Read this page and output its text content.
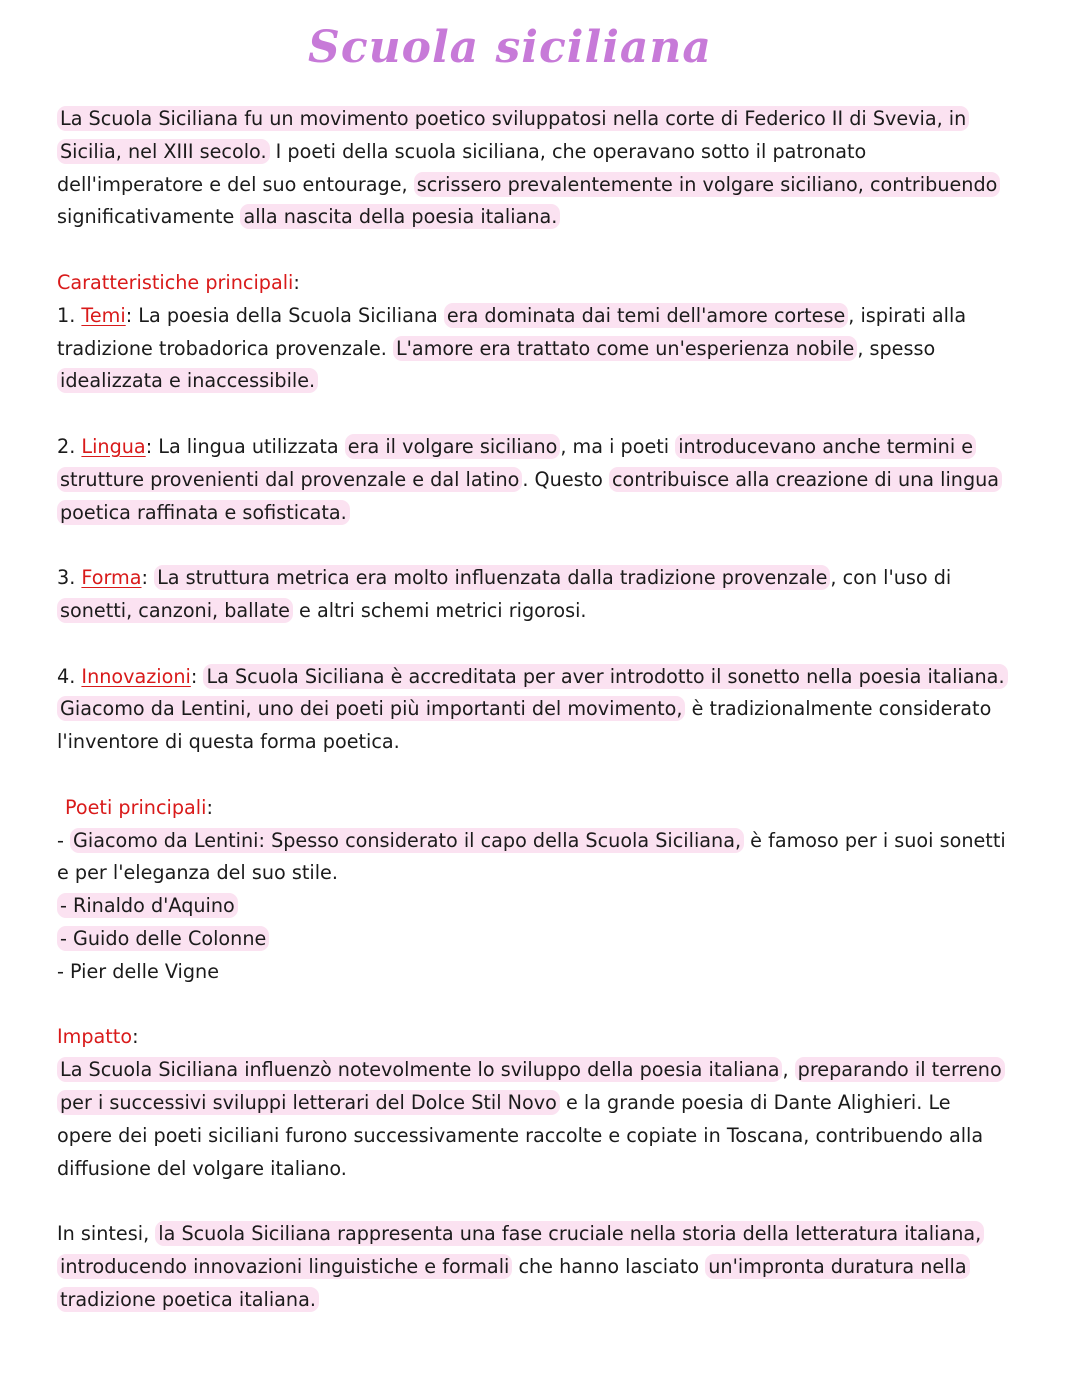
Scuola siciliana

La Scuola Siciliana fu un movimento poetico sviluppatosi nella corte di Federico II di Svevia, in Sicilia, nel XIII secolo. I poeti della scuola siciliana, che operavano sotto il patronato dell'imperatore e del suo entourage, scrissero prevalentemente in volgare siciliano, contribuendo significativamente alla nascita della poesia italiana.

Caratteristiche principali:

1. Temi: La poesia della Scuola Siciliana era dominata dai temi dell'amore cortese , ispirati alla tradizione trobadorica provenzale. L'amore era trattato come un'esperienza nobile , spesso idealizzata e inaccessibile.

2. Lingua: La lingua utilizzata era il volgare siciliano , ma i poeti introducevano anche termini e strutture provenienti dal provenzale e dal latino . Questo contribuisce alla creazione di una lingua poetica raffinata e sofisticata.

3. Forma: La struttura metrica era molto influenzata dalla tradizione provenzale , con l'uso di sonetti, canzoni, ballate e altri schemi metrici rigorosi.

4. Innovazioni: La Scuola Siciliana è accreditata per aver introdotto il sonetto nella poesia italiana. Giacomo da Lentini, uno dei poeti più importanti del movimento, è tradizionalmente considerato l'inventore di questa forma poetica.

Poeti principali:

- Giacomo da Lentini: Spesso considerato il capo della Scuola Siciliana, è famoso per i suoi sonetti e per l'eleganza del suo stile.

- Rinaldo d'Aquino

- Guido delle Colonne

- Pier delle Vigne

Impatto:

La Scuola Siciliana influenzò notevolmente lo sviluppo della poesia italiana , preparando il terreno per i successivi sviluppi letterari del Dolce Stil Novo e la grande poesia di Dante Alighieri. Le opere dei poeti siciliani furono successivamente raccolte e copiate in Toscana, contribuendo alla diffusione del volgare italiano.

In sintesi, la Scuola Siciliana rappresenta una fase cruciale nella storia della letteratura italiana, introducendo innovazioni linguistiche e formali che hanno lasciato un'impronta duratura nella tradizione poetica italiana.
